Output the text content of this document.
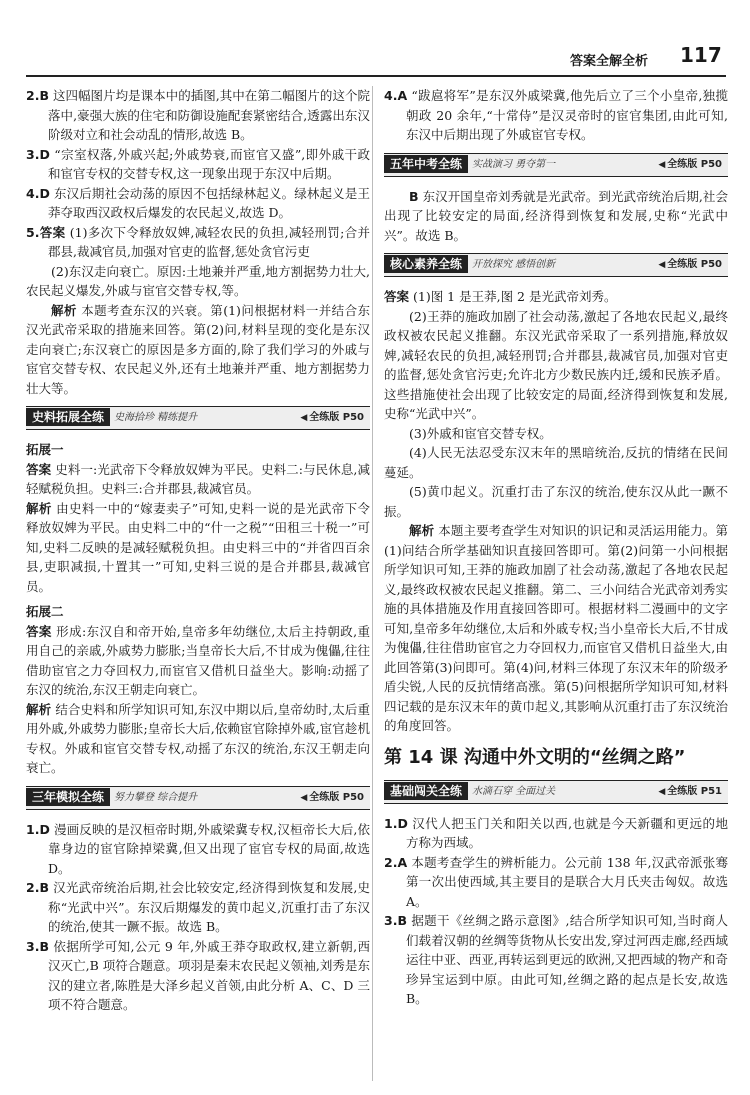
答案全解全析 117

2.B 这四幅图片均是课本中的插图,其中在第二幅图片的这个院落中,豪强大族的住宅和防御设施配套紧密结合,透露出东汉阶级对立和社会动乱的情形,故选 B。

3.D “宗室权落,外戚兴起;外戚势衰,而宦官又盛”,即外戚干政和宦官专权的交替专权,这一现象出现于东汉中后期。

4.D 东汉后期社会动荡的原因不包括绿林起义。绿林起义是王莽夺取西汉政权后爆发的农民起义,故选 D。

5.答案 (1)多次下令释放奴婢,减轻农民的负担,减轻刑罚;合并郡县,裁减官员,加强对官吏的监督,惩处贪官污吏

(2)东汉走向衰亡。原因:土地兼并严重,地方割据势力壮大,农民起义爆发,外戚与宦官交替专权,等。

解析 本题考查东汉的兴衰。第(1)问根据材料一并结合东汉光武帝采取的措施来回答。第(2)问,材料呈现的变化是东汉走向衰亡;东汉衰亡的原因是多方面的,除了我们学习的外戚与宦官交替专权、农民起义外,还有土地兼并严重、地方割据势力壮大等。

史料拓展全练 史海拾珍 精练提升	◀ 全练版 P50

拓展一

答案 史料一:光武帝下令释放奴婢为平民。史料二:与民休息,减轻赋税负担。史料三:合并郡县,裁减官员。

解析 由史料一中的“嫁妻卖子”可知,史料一说的是光武帝下令释放奴婢为平民。由史料二中的“什一之税”“田租三十税一”可知,史料二反映的是减轻赋税负担。由史料三中的“并省四百余县,吏职减损,十置其一”可知,史料三说的是合并郡县,裁减官员。

拓展二

答案 形成:东汉自和帝开始,皇帝多年幼继位,太后主持朝政,重用自己的亲戚,外戚势力膨胀;当皇帝长大后,不甘成为傀儡,往往借助宦官之力夺回权力,而宦官又借机日益坐大。影响:动摇了东汉的统治,东汉王朝走向衰亡。

解析 结合史料和所学知识可知,东汉中期以后,皇帝幼时,太后重用外戚,外戚势力膨胀;皇帝长大后,依赖宦官除掉外戚,宦官趁机专权。外戚和宦官交替专权,动摇了东汉的统治,东汉王朝走向衰亡。

三年模拟全练 努力攀登 综合提升	◀ 全练版 P50

1.D 漫画反映的是汉桓帝时期,外戚梁冀专权,汉桓帝长大后,依靠身边的宦官除掉梁冀,但又出现了宦官专权的局面,故选 D。

2.B 汉光武帝统治后期,社会比较安定,经济得到恢复和发展,史称“光武中兴”。东汉后期爆发的黄巾起义,沉重打击了东汉的统治,使其一蹶不振。故选 B。

3.B 依据所学可知,公元 9 年,外戚王莽夺取政权,建立新朝,西汉灭亡,B 项符合题意。项羽是秦末农民起义领袖,刘秀是东汉的建立者,陈胜是大泽乡起义首领,由此分析 A、C、D 三项不符合题意。

4.A “跋扈将军”是东汉外戚梁冀,他先后立了三个小皇帝,独揽朝政 20 余年,“十常侍”是汉灵帝时的宦官集团,由此可知,东汉中后期出现了外戚宦官专权。

五年中考全练 实战演习 勇夺第一	◀ 全练版 P50

B 东汉开国皇帝刘秀就是光武帝。到光武帝统治后期,社会出现了比较安定的局面,经济得到恢复和发展,史称“光武中兴”。故选 B。

核心素养全练 开放探究 感悟创新	◀ 全练版 P50

答案 (1)图 1 是王莽,图 2 是光武帝刘秀。

(2)王莽的施政加剧了社会动荡,激起了各地农民起义,最终政权被农民起义推翻。东汉光武帝采取了一系列措施,释放奴婢,减轻农民的负担,减轻刑罚;合并郡县,裁减官员,加强对官吏的监督,惩处贪官污吏;允许北方少数民族内迁,缓和民族矛盾。这些措施使社会出现了比较安定的局面,经济得到恢复和发展,史称“光武中兴”。

(3)外戚和宦官交替专权。

(4)人民无法忍受东汉末年的黑暗统治,反抗的情绪在民间蔓延。

(5)黄巾起义。沉重打击了东汉的统治,使东汉从此一蹶不振。

解析 本题主要考查学生对知识的识记和灵活运用能力。第(1)问结合所学基础知识直接回答即可。第(2)问第一小问根据所学知识可知,王莽的施政加剧了社会动荡,激起了各地农民起义,最终政权被农民起义推翻。第二、三小问结合光武帝刘秀实施的具体措施及作用直接回答即可。根据材料二漫画中的文字可知,皇帝多年幼继位,太后和外戚专权;当小皇帝长大后,不甘成为傀儡,往往借助宦官之力夺回权力,而宦官又借机日益坐大,由此回答第(3)问即可。第(4)问,材料三体现了东汉末年的阶级矛盾尖锐,人民的反抗情绪高涨。第(5)问根据所学知识可知,材料四记载的是东汉末年的黄巾起义,其影响从沉重打击了东汉统治的角度回答。

第 14 课 沟通中外文明的“丝绸之路”
基础闯关全练 水滴石穿 全面过关	◀ 全练版 P51

1.D 汉代人把玉门关和阳关以西,也就是今天新疆和更远的地方称为西域。

2.A 本题考查学生的辨析能力。公元前 138 年,汉武帝派张骞第一次出使西域,其主要目的是联合大月氏夹击匈奴。故选 A。

3.B 据题干《丝绸之路示意图》,结合所学知识可知,当时商人们载着汉朝的丝绸等货物从长安出发,穿过河西走廊,经西域运往中亚、西亚,再转运到更远的欧洲,又把西域的物产和奇珍异宝运到中原。由此可知,丝绸之路的起点是长安,故选 B。
